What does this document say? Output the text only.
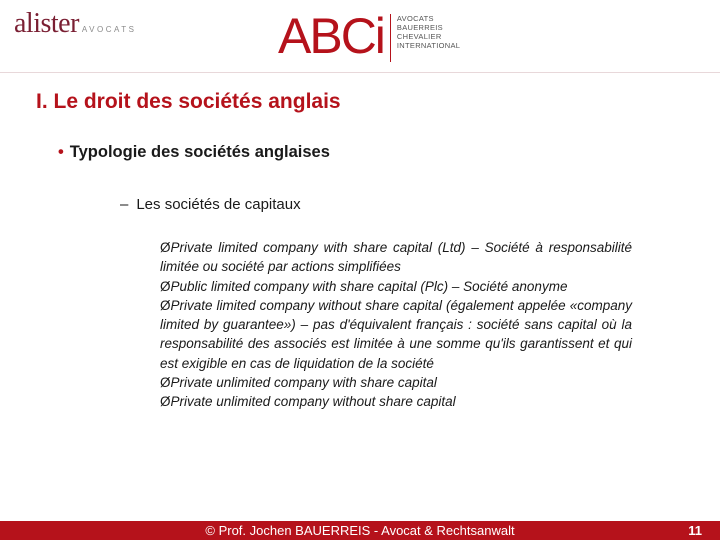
alister AVOCATS	ABCi AVOCATS
BAUERREIS
CHEVALIER
INTERNATIONAL
I. Le droit des sociétés anglais
• Typologie des sociétés anglaises
– Les sociétés de capitaux

ØPrivate limited company with share capital (Ltd) – Société à responsabilité limitée ou société par actions simplifiées

ØPublic limited company with share capital (Plc) – Société anonyme

ØPrivate limited company without share capital (également appelée «company limited by guarantee») – pas d'équivalent français : société sans capital où la responsabilité des associés est limitée à une somme qu'ils garantissent et qui est exigible en cas de liquidation de la société

ØPrivate unlimited company with share capital

ØPrivate unlimited company without share capital

© Prof. Jochen BAUERREIS - Avocat & Rechtsanwalt	11
